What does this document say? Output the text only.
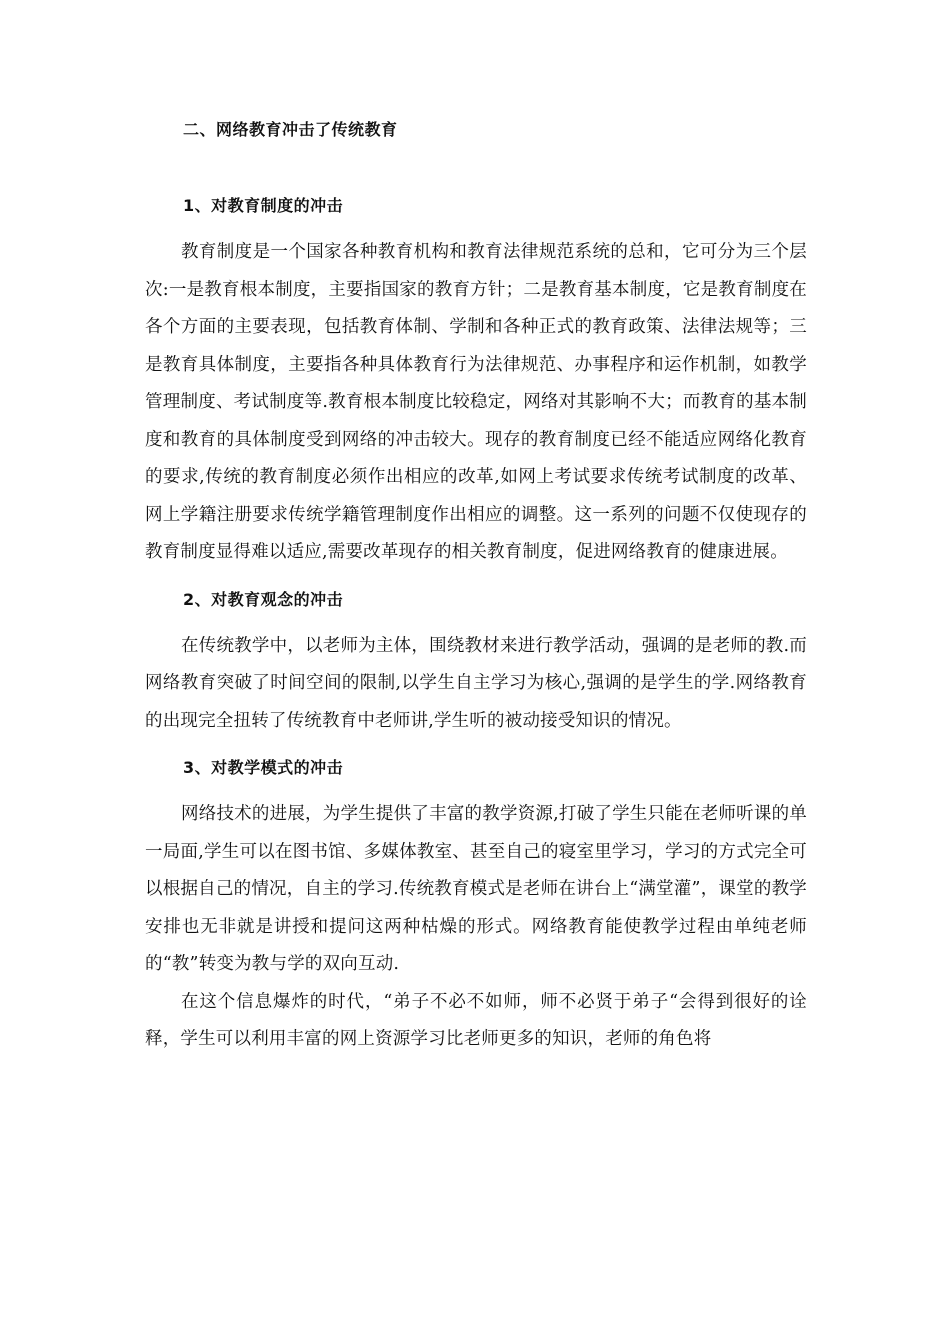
二、网络教育冲击了传统教育
1、对教育制度的冲击

教育制度是一个国家各种教育机构和教育法律规范系统的总和，它可分为三个层次:一是教育根本制度，主要指国家的教育方针；二是教育基本制度，它是教育制度在各个方面的主要表现，包括教育体制、学制和各种正式的教育政策、法律法规等；三是教育具体制度，主要指各种具体教育行为法律规范、办事程序和运作机制，如教学管理制度、考试制度等.教育根本制度比较稳定，网络对其影响不大；而教育的基本制度和教育的具体制度受到网络的冲击较大。现存的教育制度已经不能适应网络化教育的要求,传统的教育制度必须作出相应的改革,如网上考试要求传统考试制度的改革、网上学籍注册要求传统学籍管理制度作出相应的调整。这一系列的问题不仅使现存的教育制度显得难以适应,需要改革现存的相关教育制度，促进网络教育的健康进展。

2、对教育观念的冲击

在传统教学中，以老师为主体，围绕教材来进行教学活动，强调的是老师的教.而网络教育突破了时间空间的限制,以学生自主学习为核心,强调的是学生的学.网络教育的出现完全扭转了传统教育中老师讲,学生听的被动接受知识的情况。

3、对教学模式的冲击

网络技术的进展，为学生提供了丰富的教学资源,打破了学生只能在老师听课的单一局面,学生可以在图书馆、多媒体教室、甚至自己的寝室里学习，学习的方式完全可以根据自己的情况，自主的学习.传统教育模式是老师在讲台上“满堂灌”，课堂的教学安排也无非就是讲授和提问这两种枯燥的形式。网络教育能使教学过程由单纯老师的“教”转变为教与学的双向互动.

在这个信息爆炸的时代，“弟子不必不如师，师不必贤于弟子“会得到很好的诠释，学生可以利用丰富的网上资源学习比老师更多的知识，老师的角色将
